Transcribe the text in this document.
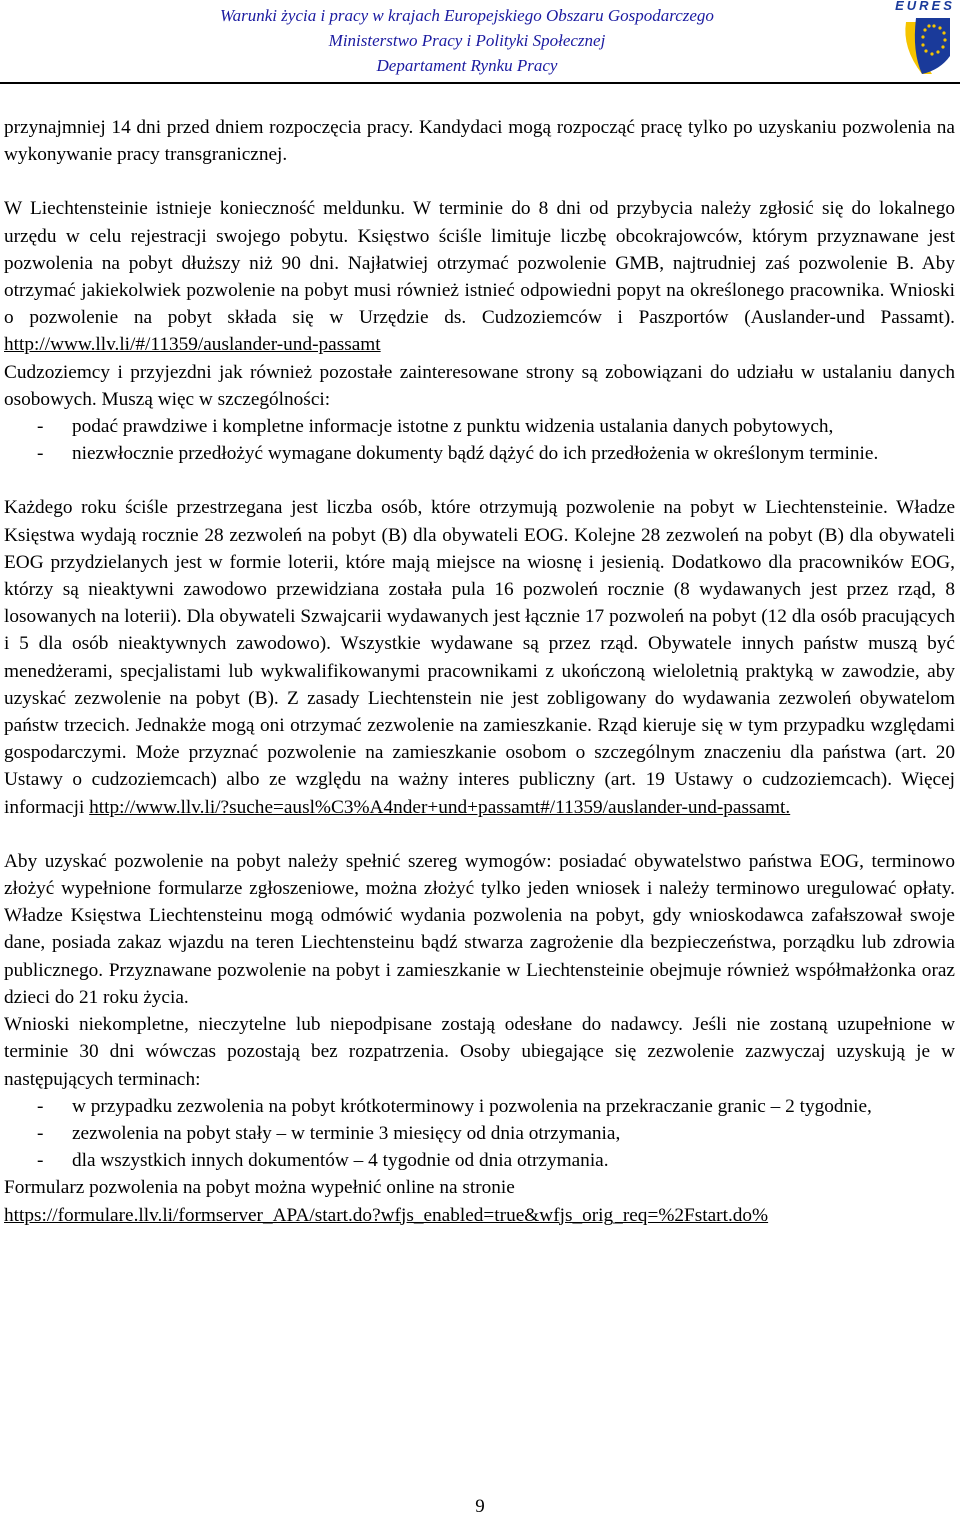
Warunki życia i pracy w krajach Europejskiego Obszaru Gospodarczego
Ministerstwo Pracy i Polityki Społecznej
Departament Rynku Pracy
EURES

przynajmniej 14 dni przed dniem rozpoczęcia pracy. Kandydaci mogą rozpocząć pracę tylko po uzyskaniu pozwolenia na wykonywanie pracy transgranicznej.

W Liechtensteinie istnieje konieczność meldunku. W terminie do 8 dni od przybycia należy zgłosić się do lokalnego urzędu w celu rejestracji swojego pobytu. Księstwo ściśle limituje liczbę obcokrajowców, którym przyznawane jest pozwolenia na pobyt dłuższy niż 90 dni. Najłatwiej otrzymać pozwolenie GMB, najtrudniej zaś pozwolenie B. Aby otrzymać jakiekolwiek pozwolenie na pobyt musi również istnieć odpowiedni popyt na określonego pracownika. Wnioski o pozwolenie na pobyt składa się w Urzędzie ds. Cudzoziemców i Paszportów (Auslander-und Passamt). http://www.llv.li/#/11359/auslander-und-passamt

Cudzoziemcy i przyjezdni jak również pozostałe zainteresowane strony są zobowiązani do udziału w ustalaniu danych osobowych. Muszą więc w szczególności:

- podać prawdziwe i kompletne informacje istotne z punktu widzenia ustalania danych pobytowych,
- niezwłocznie przedłożyć wymagane dokumenty bądź dążyć do ich przedłożenia w określonym terminie.

Każdego roku ściśle przestrzegana jest liczba osób, które otrzymują pozwolenie na pobyt w Liechtensteinie. Władze Księstwa wydają rocznie 28 zezwoleń na pobyt (B) dla obywateli EOG. Kolejne 28 zezwoleń na pobyt (B) dla obywateli EOG przydzielanych jest w formie loterii, które mają miejsce na wiosnę i jesienią. Dodatkowo dla pracowników EOG, którzy są nieaktywni zawodowo przewidziana została pula 16 pozwoleń rocznie (8 wydawanych jest przez rząd, 8 losowanych na loterii). Dla obywateli Szwajcarii wydawanych jest łącznie 17 pozwoleń na pobyt (12 dla osób pracujących i 5 dla osób nieaktywnych zawodowo). Wszystkie wydawane są przez rząd. Obywatele innych państw muszą być menedżerami, specjalistami lub wykwalifikowanymi pracownikami z ukończoną wieloletnią praktyką w zawodzie, aby uzyskać zezwolenie na pobyt (B). Z zasady Liechtenstein nie jest zobligowany do wydawania zezwoleń obywatelom państw trzecich. Jednakże mogą oni otrzymać zezwolenie na zamieszkanie. Rząd kieruje się w tym przypadku względami gospodarczymi. Może przyznać pozwolenie na zamieszkanie osobom o szczególnym znaczeniu dla państwa (art. 20 Ustawy o cudzoziemcach) albo ze względu na ważny interes publiczny (art. 19 Ustawy o cudzoziemcach). Więcej informacji http://www.llv.li/?suche=ausl%C3%A4nder+und+passamt#/11359/auslander-und-passamt.

Aby uzyskać pozwolenie na pobyt należy spełnić szereg wymogów: posiadać obywatelstwo państwa EOG, terminowo złożyć wypełnione formularze zgłoszeniowe, można złożyć tylko jeden wniosek i należy terminowo uregulować opłaty. Władze Księstwa Liechtensteinu mogą odmówić wydania pozwolenia na pobyt, gdy wnioskodawca zafałszował swoje dane, posiada zakaz wjazdu na teren Liechtensteinu bądź stwarza zagrożenie dla bezpieczeństwa, porządku lub zdrowia publicznego. Przyznawane pozwolenie na pobyt i zamieszkanie w Liechtensteinie obejmuje również współmałżonka oraz dzieci do 21 roku życia.

Wnioski niekompletne, nieczytelne lub niepodpisane zostają odesłane do nadawcy. Jeśli nie zostaną uzupełnione w terminie 30 dni wówczas pozostają bez rozpatrzenia. Osoby ubiegające się zezwolenie zazwyczaj uzyskują je w następujących terminach:

- w przypadku zezwolenia na pobyt krótkoterminowy i pozwolenia na przekraczanie granic – 2 tygodnie,
- zezwolenia na pobyt stały – w terminie 3 miesięcy od dnia otrzymania,
- dla wszystkich innych dokumentów – 4 tygodnie od dnia otrzymania.

Formularz pozwolenia na pobyt można wypełnić online na stronie

https://formulare.llv.li/formserver_APA/start.do?wfjs_enabled=true&wfjs_orig_req=%2Fstart.do%

9
